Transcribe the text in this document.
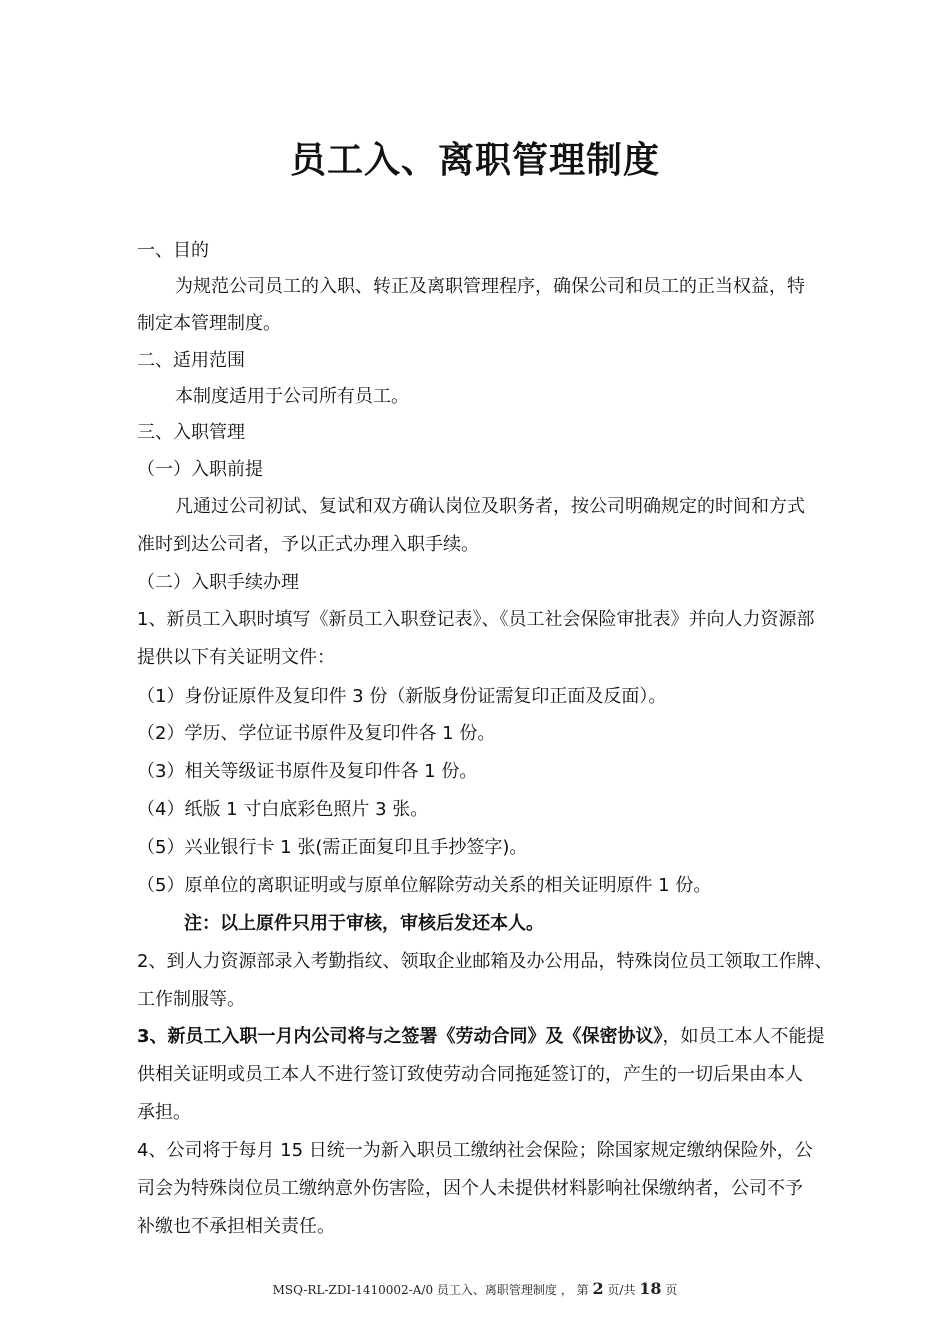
员工入、离职管理制度
一、目的
为规范公司员工的入职、转正及离职管理程序，确保公司和员工的正当权益，特
制定本管理制度。
二、适用范围
本制度适用于公司所有员工。
三、入职管理
（一）入职前提
凡通过公司初试、复试和双方确认岗位及职务者，按公司明确规定的时间和方式
准时到达公司者，予以正式办理入职手续。
（二）入职手续办理
1、新员工入职时填写《新员工入职登记表》、《员工社会保险审批表》并向人力资源部
提供以下有关证明文件：
（1）身份证原件及复印件 3 份（新版身份证需复印正面及反面）。
（2）学历、学位证书原件及复印件各 1 份。
（3）相关等级证书原件及复印件各 1 份。
（4）纸版 1 寸白底彩色照片 3 张。
（5）兴业银行卡 1 张(需正面复印且手抄签字)。
（5）原单位的离职证明或与原单位解除劳动关系的相关证明原件 1 份。
注：以上原件只用于审核，审核后发还本人。
2、到人力资源部录入考勤指纹、领取企业邮箱及办公用品，特殊岗位员工领取工作牌、
工作制服等。
3、新员工入职一月内公司将与之签署《劳动合同》及《保密协议》，如员工本人不能提
供相关证明或员工本人不进行签订致使劳动合同拖延签订的，产生的一切后果由本人
承担。
4、公司将于每月 15 日统一为新入职员工缴纳社会保险；除国家规定缴纳保险外，公
司会为特殊岗位员工缴纳意外伤害险，因个人未提供材料影响社保缴纳者，公司不予
补缴也不承担相关责任。
MSQ-RL-ZDI-1410002-A/0 员工入、离职管理制度 ， 第 2 页/共 18 页
